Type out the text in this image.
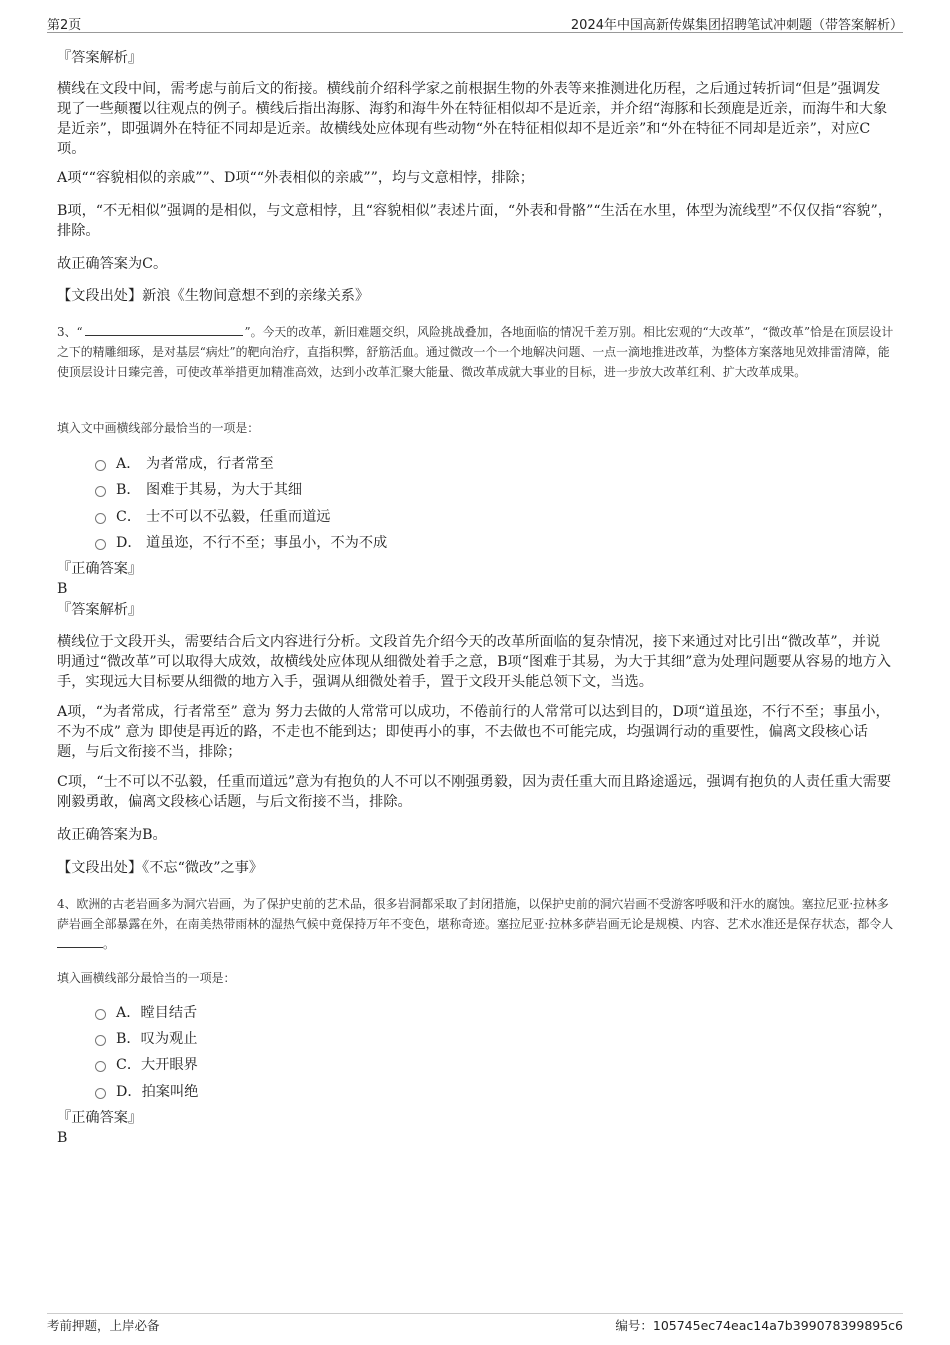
第2页	2024年中国高新传媒集团招聘笔试冲刺题（带答案解析）

『答案解析』

横线在文段中间，需考虑与前后文的衔接。横线前介绍科学家之前根据生物的外表等来推测进化历程，之后通过转折词“但是”强调发现了一些颠覆以往观点的例子。横线后指出海豚、海豹和海牛外在特征相似却不是近亲，并介绍“海豚和长颈鹿是近亲，而海牛和大象是近亲”，即强调外在特征不同却是近亲。故横线处应体现有些动物“外在特征相似却不是近亲”和“外在特征不同却是近亲”，对应C项。

A项““容貌相似的亲戚””、D项““外表相似的亲戚””，均与文意相悖，排除；

B项，“不无相似”强调的是相似，与文意相悖，且“容貌相似”表述片面，“外表和骨骼”“生活在水里，体型为流线型”不仅仅指“容貌”，排除。

故正确答案为C。

【文段出处】新浪《生物间意想不到的亲缘关系》

3、“	”。今天的改革，新旧难题交织，风险挑战叠加，各地面临的情况千差万别。相比宏观的“大改革”，“微改革”恰是在顶层设计之下的精雕细琢，是对基层“病灶”的靶向治疗，直指积弊，舒筋活血。通过微改一个一个地解决问题、一点一滴地推进改革，为整体方案落地见效排雷清障，能使顶层设计日臻完善，可使改革举措更加精准高效，达到小改革汇聚大能量、微改革成就大事业的目标，进一步放大改革红利、扩大改革成果。

填入文中画横线部分最恰当的一项是：

A． 为者常成，行者常至
B． 图难于其易，为大于其细
C． 士不可以不弘毅，任重而道远
D． 道虽迩，不行不至；事虽小，不为不成

『正确答案』

B

『答案解析』

横线位于文段开头，需要结合后文内容进行分析。文段首先介绍今天的改革所面临的复杂情况，接下来通过对比引出“微改革”，并说明通过“微改革”可以取得大成效，故横线处应体现从细微处着手之意，B项“图难于其易，为大于其细”意为处理问题要从容易的地方入手，实现远大目标要从细微的地方入手，强调从细微处着手，置于文段开头能总领下文，当选。

A项，“为者常成，行者常至” 意为 努力去做的人常常可以成功，不倦前行的人常常可以达到目的，D项“道虽迩，不行不至；事虽小，不为不成” 意为 即使是再近的路，不走也不能到达；即使再小的事，不去做也不可能完成，均强调行动的重要性，偏离文段核心话题，与后文衔接不当，排除；

C项，“士不可以不弘毅，任重而道远”意为有抱负的人不可以不刚强勇毅，因为责任重大而且路途遥远，强调有抱负的人责任重大需要刚毅勇敢，偏离文段核心话题，与后文衔接不当，排除。

故正确答案为B。

【文段出处】《不忘“微改”之事》

4、欧洲的古老岩画多为洞穴岩画，为了保护史前的艺术品，很多岩洞都采取了封闭措施，以保护史前的洞穴岩画不受游客呼吸和汗水的腐蚀。塞拉尼亚·拉林多萨岩画全部暴露在外，在南美热带雨林的湿热气候中竟保持万年不变色，堪称奇迹。塞拉尼亚·拉林多萨岩画无论是规模、内容、艺术水准还是保存状态，都令人。

填入画横线部分最恰当的一项是：

A．瞠目结舌
B．叹为观止
C．大开眼界
D．拍案叫绝

『正确答案』

B

考前押题，上岸必备	编号：105745ec74eac14a7b399078399895c6
